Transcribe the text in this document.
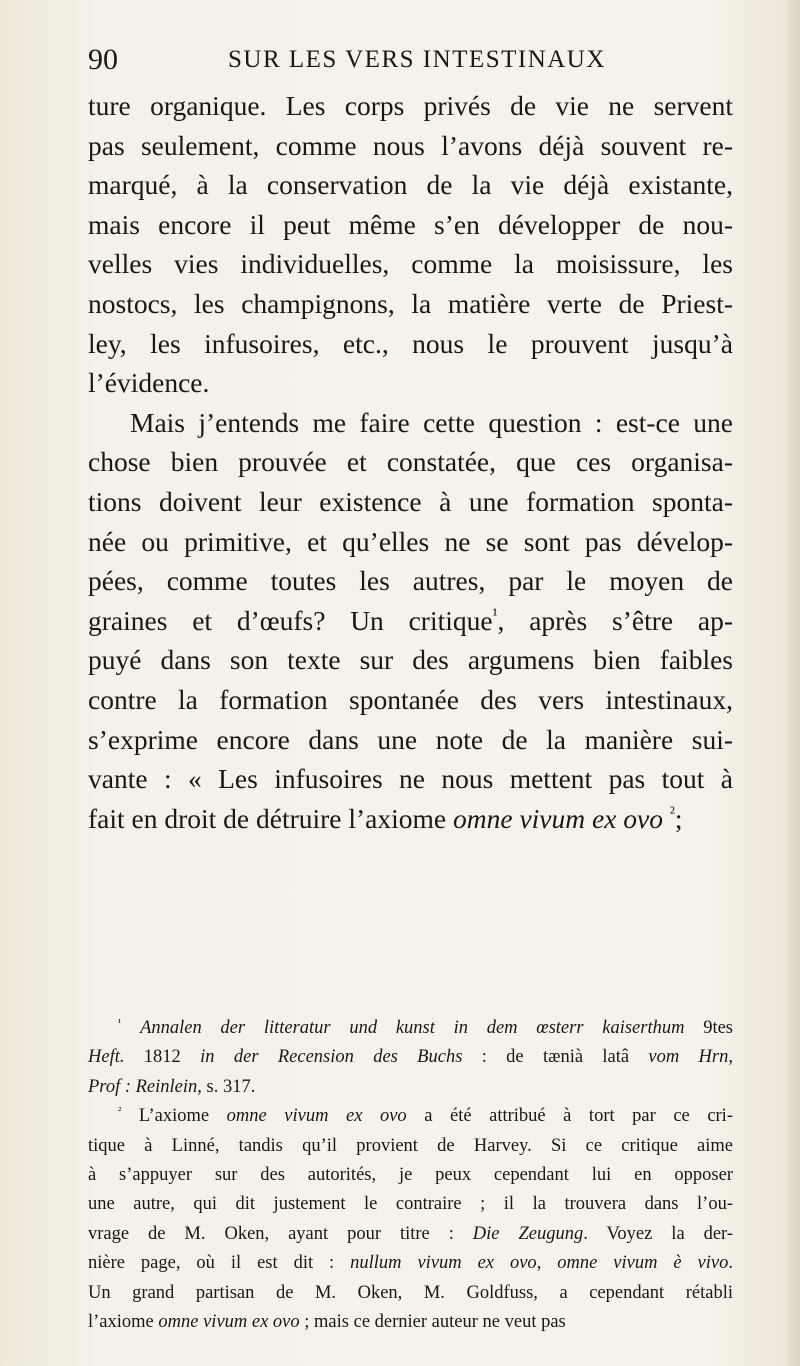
90	SUR LES VERS INTESTINAUX
ture organique. Les corps privés de vie ne servent
pas seulement, comme nous l’avons déjà souvent re-
marqué, à la conservation de la vie déjà existante,
mais encore il peut même s’en développer de nou-
velles vies individuelles, comme la moisissure, les
nostocs, les champignons, la matière verte de Priest-
ley, les infusoires, etc., nous le prouvent jusqu’à
l’évidence.
Mais j’entends me faire cette question : est-ce une
chose bien prouvée et constatée, que ces organisa-
tions doivent leur existence à une formation sponta-
née ou primitive, et qu’elles ne se sont pas dévelop-
pées, comme toutes les autres, par le moyen de
graines et d’œufs? Un critique$^{^1}$, après s’être ap-
puyé dans son texte sur des argumens bien faibles
contre la formation spontanée des vers intestinaux,
s’exprime encore dans une note de la manière sui-
vante : « Les infusoires ne nous mettent pas tout à
fait en droit de détruire l’axiome omne vivum ex ovo $^{^2}$;
$^{^1}$ Annalen der litteratur und kunst in dem œsterr kaiserthum 9tes
Heft. 1812 in der Recension des Buchs : de tænià latâ vom Hrn,
Prof : Reinlein, s. 317.
$^{^2}$ L’axiome omne vivum ex ovo a été attribué à tort par ce cri-
tique à Linné, tandis qu’il provient de Harvey. Si ce critique aime
à s’appuyer sur des autorités, je peux cependant lui en opposer
une autre, qui dit justement le contraire ; il la trouvera dans l’ou-
vrage de M. Oken, ayant pour titre : Die Zeugung. Voyez la der-
nière page, où il est dit : nullum vivum ex ovo, omne vivum è vivo.
Un grand partisan de M. Oken, M. Goldfuss, a cependant rétabli
l’axiome omne vivum ex ovo ; mais ce dernier auteur ne veut pas
